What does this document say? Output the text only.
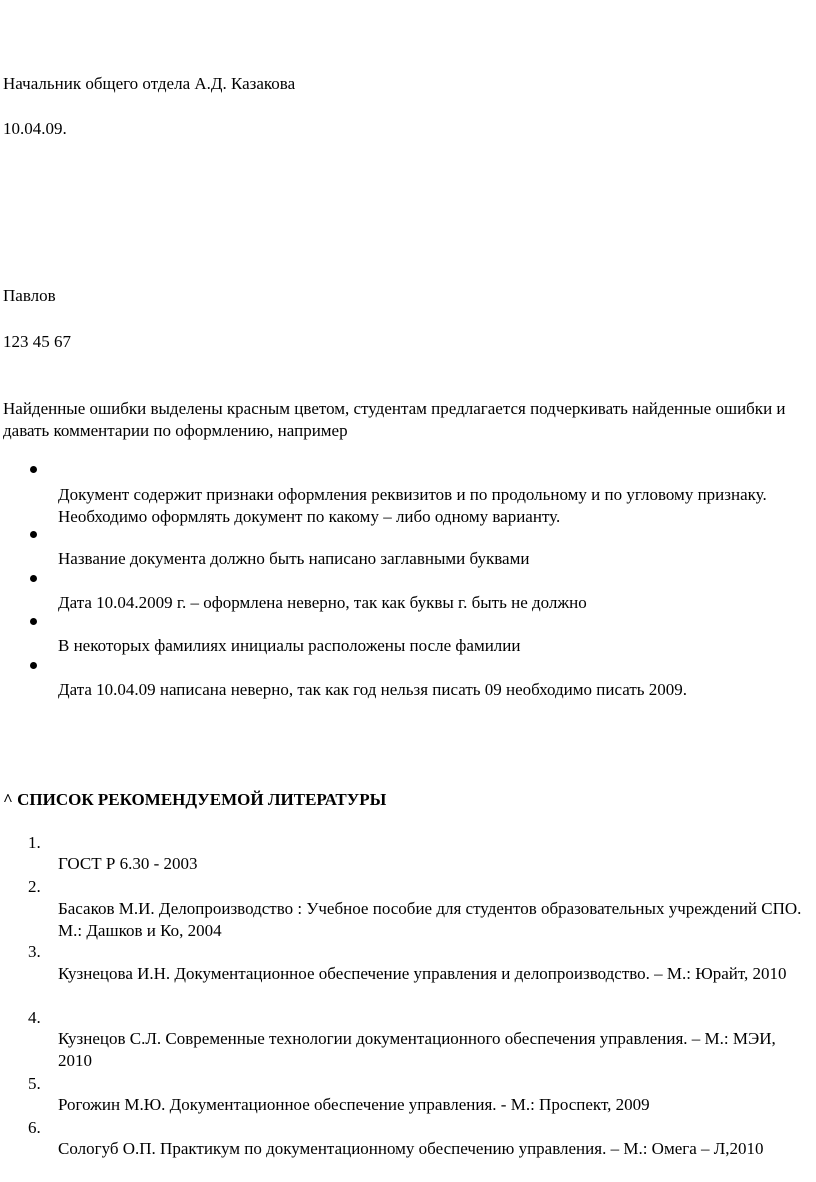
Начальник общего отдела А.Д. Казакова

10.04.09.

Павлов

123 45 67

Найденные ошибки выделены красным цветом, студентам предлагается подчеркивать найденные ошибки и давать комментарии по оформлению, например

Документ содержит признаки оформления реквизитов и по продольному и по угловому признаку. Необходимо оформлять документ по какому – либо одному варианту.
Название документа должно быть написано заглавными буквами
Дата 10.04.2009 г. – оформлена неверно, так как буквы г. быть не должно
В некоторых фамилиях инициалы расположены после фамилии
Дата 10.04.09 написана неверно, так как год нельзя писать 09 необходимо писать 2009.
^ СПИСОК РЕКОМЕНДУЕМОЙ ЛИТЕРАТУРЫ
1.
ГОСТ Р 6.30 - 2003
2.
Басаков М.И. Делопроизводство : Учебное пособие для студентов образовательных учреждений СПО. М.: Дашков и Ко, 2004
3.
Кузнецова И.Н. Документационное обеспечение управления и делопроизводство. – М.: Юрайт, 2010
4.
Кузнецов С.Л. Современные технологии документационного обеспечения управления. – М.: МЭИ, 2010
5.
Рогожин М.Ю. Документационное обеспечение управления. - М.: Проспект, 2009
6.
Сологуб О.П. Практикум по документационному обеспечению управления. – М.: Омега – Л,2010
